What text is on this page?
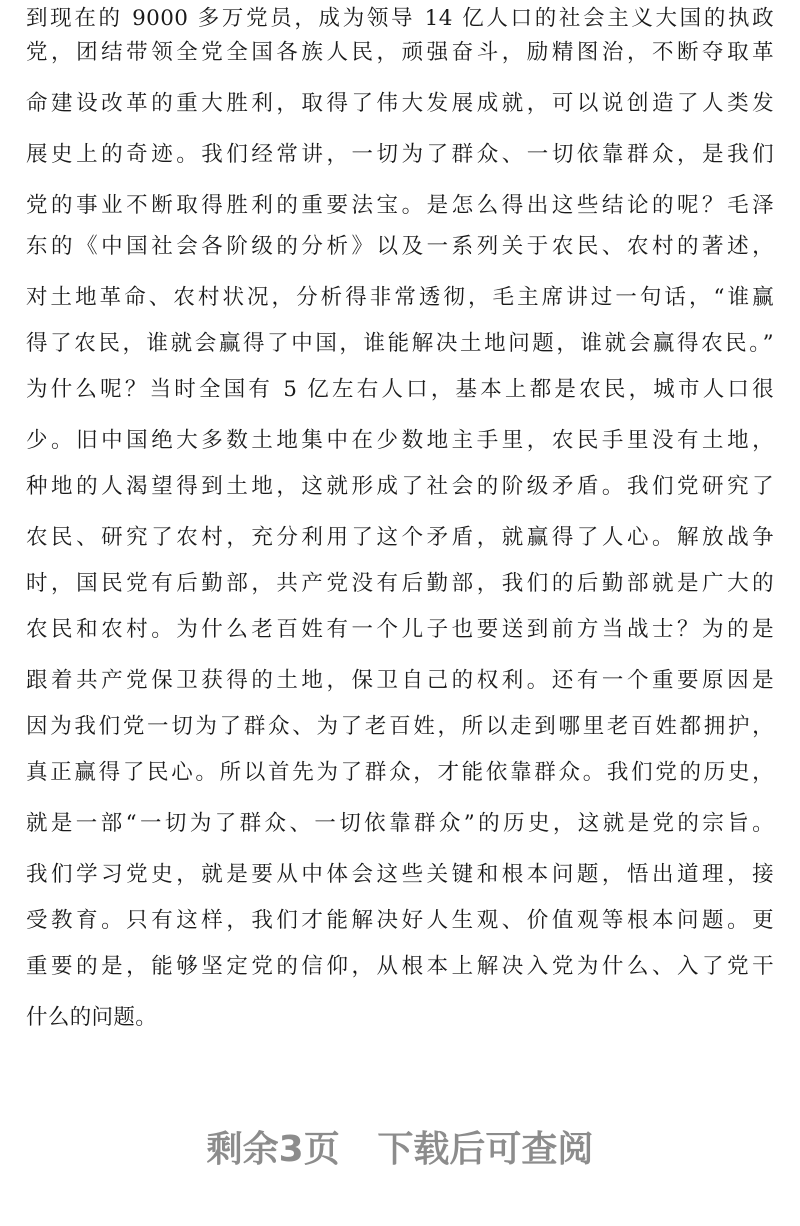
到现在的 9000 多万党员，成为领导 14 亿人口的社会主义大国的执政
党，团结带领全党全国各族人民，顽强奋斗，励精图治，不断夺取革
命建设改革的重大胜利，取得了伟大发展成就，可以说创造了人类发
展史上的奇迹。我们经常讲，一切为了群众、一切依靠群众，是我们
党的事业不断取得胜利的重要法宝。是怎么得出这些结论的呢？毛泽
东的《中国社会各阶级的分析》以及一系列关于农民、农村的著述，
对土地革命、农村状况，分析得非常透彻，毛主席讲过一句话，“谁赢
得了农民，谁就会赢得了中国，谁能解决土地问题，谁就会赢得农民。”
为什么呢？当时全国有 5 亿左右人口，基本上都是农民，城市人口很
少。旧中国绝大多数土地集中在少数地主手里，农民手里没有土地，
种地的人渴望得到土地，这就形成了社会的阶级矛盾。我们党研究了
农民、研究了农村，充分利用了这个矛盾，就赢得了人心。解放战争
时，国民党有后勤部，共产党没有后勤部，我们的后勤部就是广大的
农民和农村。为什么老百姓有一个儿子也要送到前方当战士？为的是
跟着共产党保卫获得的土地，保卫自己的权利。还有一个重要原因是
因为我们党一切为了群众、为了老百姓，所以走到哪里老百姓都拥护，
真正赢得了民心。所以首先为了群众，才能依靠群众。我们党的历史，
就是一部“一切为了群众、一切依靠群众”的历史，这就是党的宗旨。
我们学习党史，就是要从中体会这些关键和根本问题，悟出道理，接
受教育。只有这样，我们才能解决好人生观、价值观等根本问题。更
重要的是，能够坚定党的信仰，从根本上解决入党为什么、入了党干
什么的问题。
剩余3页   下载后可查阅
